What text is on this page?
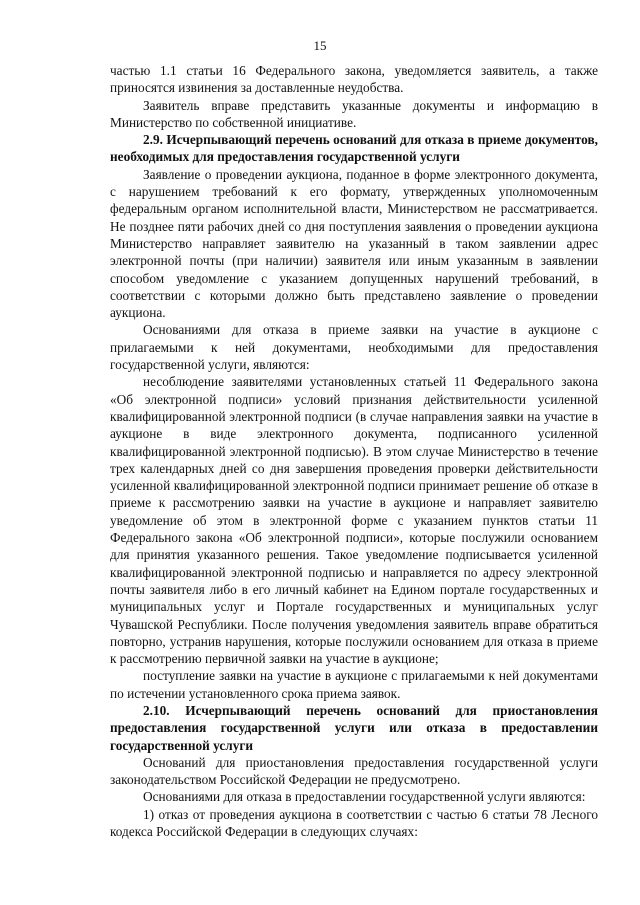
15

частью 1.1 статьи 16 Федерального закона, уведомляется заявитель, а также приносятся извинения за доставленные неудобства.

Заявитель вправе представить указанные документы и информацию в Министерство по собственной инициативе.

2.9. Исчерпывающий перечень оснований для отказа в приеме документов, необходимых для предоставления государственной услуги

Заявление о проведении аукциона, поданное в форме электронного документа, с нарушением требований к его формату, утвержденных уполномоченным федеральным органом исполнительной власти, Министерством не рассматривается. Не позднее пяти рабочих дней со дня поступления заявления о проведении аукциона Министерство направляет заявителю на указанный в таком заявлении адрес электронной почты (при наличии) заявителя или иным указанным в заявлении способом уведомление с указанием допущенных нарушений требований, в соответствии с которыми должно быть представлено заявление о проведении аукциона.

Основаниями для отказа в приеме заявки на участие в аукционе с прилагаемыми к ней документами, необходимыми для предоставления государственной услуги, являются:

несоблюдение заявителями установленных статьей 11 Федерального закона «Об электронной подписи» условий признания действительности усиленной квалифицированной электронной подписи (в случае направления заявки на участие в аукционе в виде электронного документа, подписанного усиленной квалифицированной электронной подписью). В этом случае Министерство в течение трех календарных дней со дня завершения проведения проверки действительности усиленной квалифицированной электронной подписи принимает решение об отказе в приеме к рассмотрению заявки на участие в аукционе и направляет заявителю уведомление об этом в электронной форме с указанием пунктов статьи 11 Федерального закона «Об электронной подписи», которые послужили основанием для принятия указанного решения. Такое уведомление подписывается усиленной квалифицированной электронной подписью и направляется по адресу электронной почты заявителя либо в его личный кабинет на Едином портале государственных и муниципальных услуг и Портале государственных и муниципальных услуг Чувашской Республики. После получения уведомления заявитель вправе обратиться повторно, устранив нарушения, которые послужили основанием для отказа в приеме к рассмотрению первичной заявки на участие в аукционе;

поступление заявки на участие в аукционе с прилагаемыми к ней документами по истечении установленного срока приема заявок.

2.10. Исчерпывающий перечень оснований для приостановления предоставления государственной услуги или отказа в предоставлении государственной услуги

Оснований для приостановления предоставления государственной услуги законодательством Российской Федерации не предусмотрено.

Основаниями для отказа в предоставлении государственной услуги являются:

1) отказ от проведения аукциона в соответствии с частью 6 статьи 78 Лесного кодекса Российской Федерации в следующих случаях:
